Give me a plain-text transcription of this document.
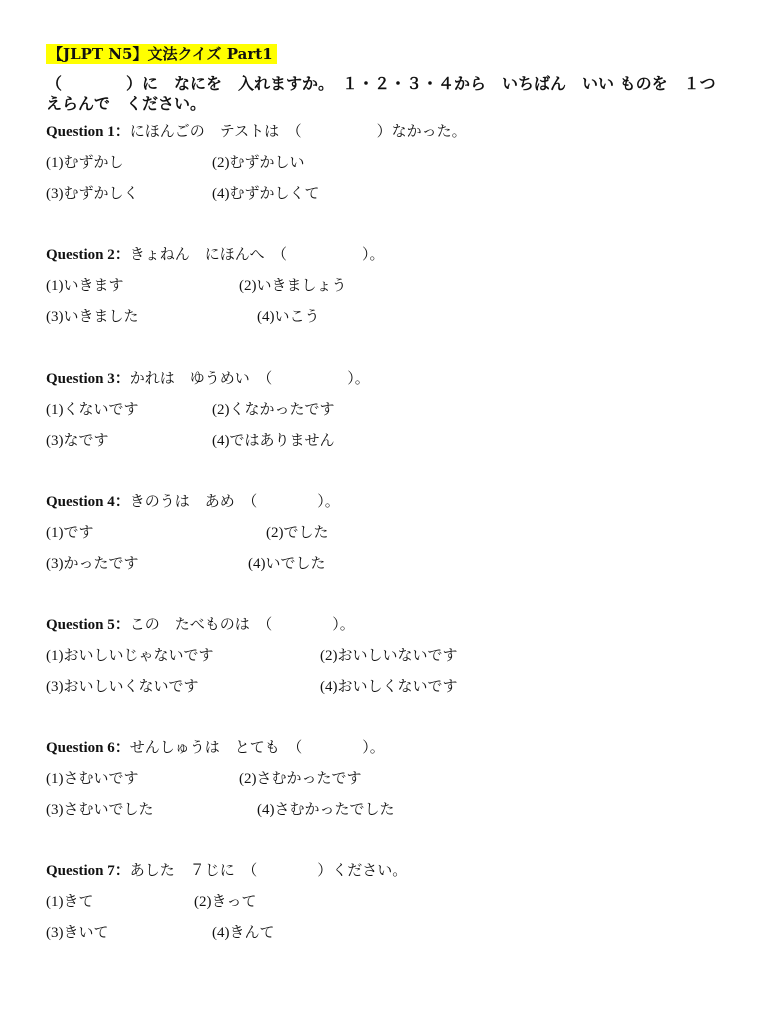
【JLPT N5】文法クイズ Part1
（　　　　）に　なにを　入れますか。　１・２・３・４から　いちばん　いい ものを　１つ　えらんで　ください。
Question 1：にほんごの　テストは　（　　　　　）なかった。
(1)むずかし	(2)むずかしい
(3)むずかしく	(4)むずかしくて
Question 2：きょねん　にほんへ　（　　　　　）。
(1)いきます	(2)いきましょう
(3)いきました	(4)いこう
Question 3：かれは　ゆうめい　（　　　　　）。
(1)くないです	(2)くなかったです
(3)なです	(4)ではありません
Question 4：きのうは　あめ　（　　　　）。
(1)です	(2)でした
(3)かったです	(4)いでした
Question 5：この　たべものは　（　　　　）。
(1)おいしいじゃないです	(2)おいしいないです
(3)おいしいくないです	(4)おいしくないです
Question 6：せんしゅうは　とても　（　　　　）。
(1)さむいです	(2)さむかったです
(3)さむいでした	(4)さむかったでした
Question 7：あした　７じに　（　　　　）ください。
(1)きて	(2)きって
(3)きいて	(4)きんて
